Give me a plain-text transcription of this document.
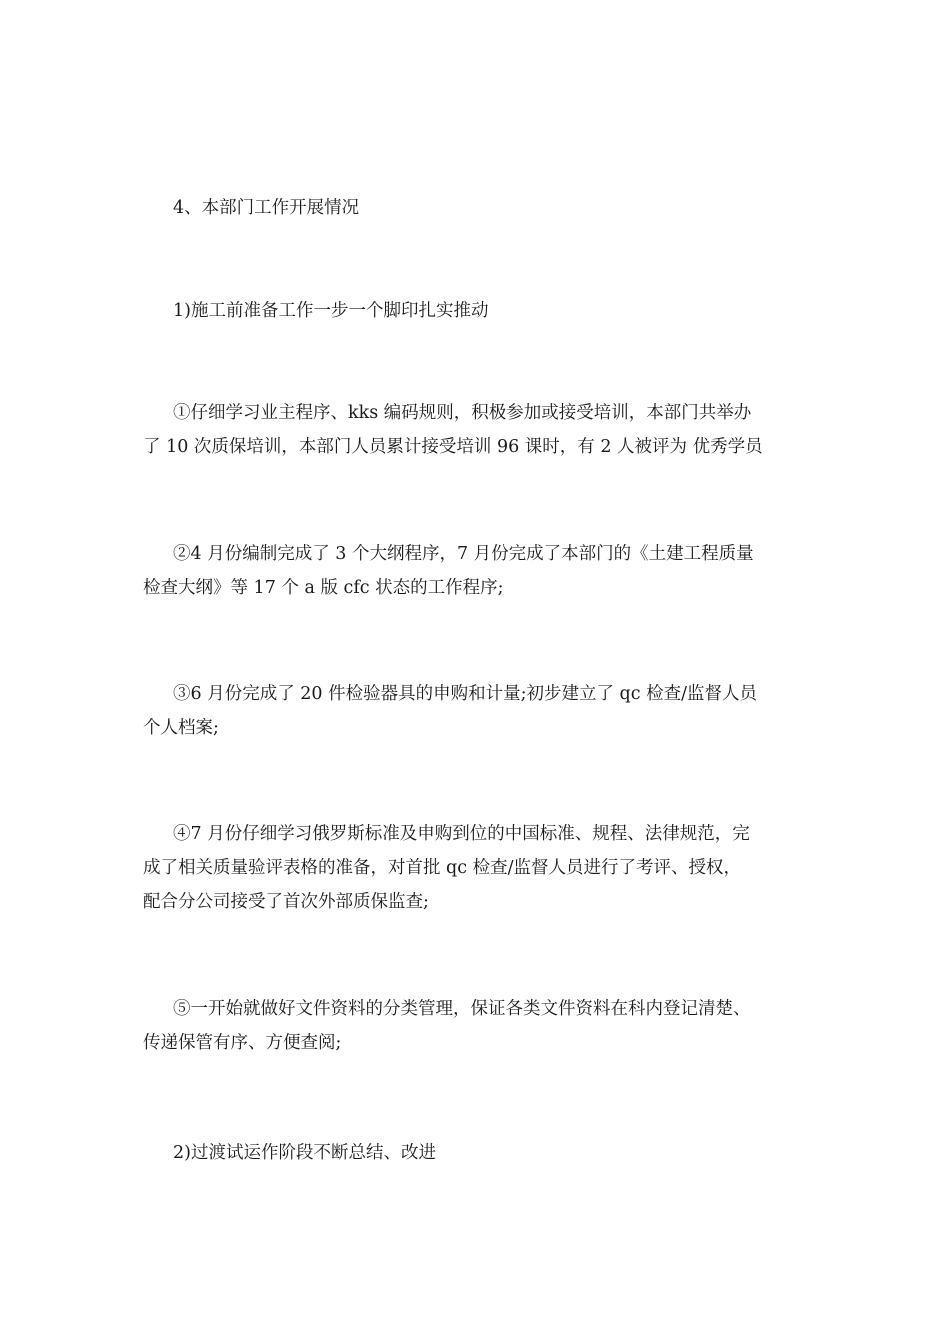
4、本部门工作开展情况

1)施工前准备工作一步一个脚印扎实推动

①仔细学习业主程序、kks 编码规则，积极参加或接受培训，本部门共举办
了 10 次质保培训，本部门人员累计接受培训 96 课时，有 2 人被评为 优秀学员

②4 月份编制完成了 3 个大纲程序，7 月份完成了本部门的《土建工程质量
检查大纲》等 17 个 a 版 cfc 状态的工作程序;

③6 月份完成了 20 件检验器具的申购和计量;初步建立了 qc 检查/监督人员
个人档案;

④7 月份仔细学习俄罗斯标准及申购到位的中国标准、规程、法律规范，完
成了相关质量验评表格的准备，对首批 qc 检查/监督人员进行了考评、授权，
配合分公司接受了首次外部质保监查;

⑤一开始就做好文件资料的分类管理，保证各类文件资料在科内登记清楚、
传递保管有序、方便查阅;

2)过渡试运作阶段不断总结、改进
